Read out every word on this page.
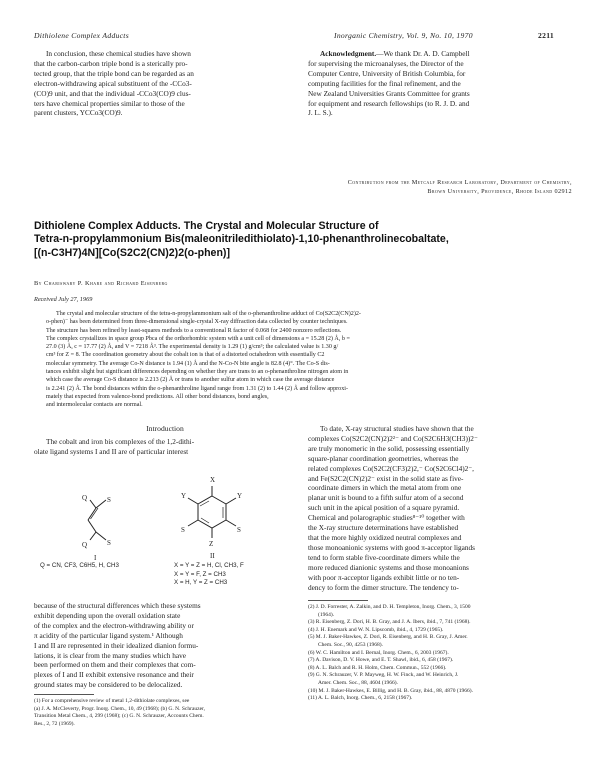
Dithiolene Complex Adducts	Inorganic Chemistry, Vol. 9, No. 10, 1970	2211

In conclusion, these chemical studies have shown

that the carbon-carbon triple bond is a sterically pro-

tected group, that the triple bond can be regarded as an

electron-withdrawing apical substituent of the -CCo3-

(CO)9 unit, and that the individual -CCo3(CO)9 clus-

ters have chemical properties similar to those of the

parent clusters, YCCo3(CO)9.

Acknowledgment.—We thank Dr. A. D. Campbell

for supervising the microanalyses, the Director of the

Computer Centre, University of British Columbia, for

computing facilities for the final refinement, and the

New Zealand Universities Grants Committee for grants

for equipment and research fellowships (to R. J. D. and

J. L. S.).

Contribution from the Metcalf Research Laboratory, Department of Chemistry,
Brown University, Providence, Rhode Island 02912

Dithiolene Complex Adducts. The Crystal and Molecular Structure of

Tetra-n-propylammonium Bis(maleonitriledithiolato)-1,10-phenanthrolinecobaltate,

[(n-C3H7)4N][Co(S2C2(CN)2)2(o-phen)]

By Chariswary P. Khare and Richard Eisenberg
Received July 27, 1969

The crystal and molecular structure of the tetra-n-propylammonium salt of the o-phenanthroline adduct of Co(S2C2(CN)2)2-

o-phen)⁻ has been determined from three-dimensional single-crystal X-ray diffraction data collected by counter techniques.

The structure has been refined by least-squares methods to a conventional R factor of 0.068 for 2400 nonzero reflections.

The complex crystallizes in space group Pbca of the orthorhombic system with a unit cell of dimensions a = 15.28 (2) Å, b =

27.0 (3) Å, c = 17.77 (2) Å, and V = 7218 Å³. The experimental density is 1.29 (1) g/cm³; the calculated value is 1.30 g/

cm³ for Z = 8. The coordination geometry about the cobalt ion is that of a distorted octahedron with essentially C2

molecular symmetry. The average Co-N distance is 1.94 (1) Å and the N-Co-N bite angle is 82.8 (4)°. The Co-S dis-

tances exhibit slight but significant differences depending on whether they are trans to an o-phenanthroline nitrogen atom in

which case the average Co-S distance is 2.213 (2) Å or trans to another sulfur atom in which case the average distance

is 2.241 (2) Å. The bond distances within the o-phenanthroline ligand range from 1.31 (2) to 1.44 (2) Å and follow approxi-

mately that expected from valence-bond predictions. All other bond distances, bond angles,

and intermolecular contacts are normal.

Introduction

The cobalt and iron bis complexes of the 1,2-dithi-

olate ligand systems I and II are of particular interest

S
S
Q
Q
I
X
Y	Y
Z
S
S
II
Q = CN, CF3, C6H5, H, CH3	X = Y = Z = H, Cl, CH3, F
X = Y = F, Z = CH3
X = H, Y = Z = CH3

because of the structural differences which these systems

exhibit depending upon the overall oxidation state

of the complex and the electron-withdrawing ability or

π acidity of the particular ligand system.¹ Although

I and II are represented in their idealized dianion formu-

lations, it is clear from the many studies which have

been performed on them and their complexes that com-

plexes of I and II exhibit extensive resonance and their

ground states may be considered to be delocalized.

(1) For a comprehensive review of metal 1,2-dithiolate complexes, see

(a) J. A. McCleverty, Progr. Inorg. Chem., 10, 49 (1968); (b) G. N. Schrauzer,

Transition Metal Chem., 4, 299 (1968); (c) G. N. Schrauzer, Accounts Chem.

Res., 2, 72 (1969).

To date, X-ray structural studies have shown that the

complexes Co(S2C2(CN)2)2²⁻ and Co(S2C6H3(CH3))2⁻

are truly monomeric in the solid, possessing essentially

square-planar coordination geometries, whereas the

related complexes Co(S2C2(CF3)2)2,⁻ Co(S2C6Cl4)2⁻,

and Fe(S2C2(CN)2)2⁻ exist in the solid state as five-

coordinate dimers in which the metal atom from one

planar unit is bound to a fifth sulfur atom of a second

such unit in the apical position of a square pyramid.

Chemical and polarographic studies⁸⁻¹⁰ together with

the X-ray structure determinations have established

that the more highly oxidized neutral complexes and

those monoanionic systems with good π-acceptor ligands

tend to form stable five-coordinate dimers while the

more reduced dianionic systems and those monoanions

with poor π-acceptor ligands exhibit little or no ten-

dency to form the dimer structure. The tendency to-

(2) J. D. Forrester, A. Zalkin, and D. H. Templeton, Inorg. Chem., 3, 1500

(1964).

(3) R. Eisenberg, Z. Dori, H. B. Gray, and J. A. Ibers, ibid., 7, 741 (1968).

(4) J. H. Enemark and W. N. Lipscomb, ibid., 4, 1729 (1965).

(5) M. J. Baker-Hawkes, Z. Dori, R. Eisenberg, and H. B. Gray, J. Amer.

Chem. Soc., 90, 4253 (1968).

(6) W. C. Hamilton and I. Bernal, Inorg. Chem., 6, 2003 (1967).

(7) A. Davison, D. V. Howe, and E. T. Shawl, ibid., 6, 458 (1967).

(8) A. L. Balch and R. H. Holm, Chem. Commun., 552 (1966).

(9) G. N. Schrauzer, V. P. Mayweg, H. W. Finck, and W. Heinrich, J.

Amer. Chem. Soc., 88, 4604 (1966).

(10) M. J. Baker-Hawkes, E. Billig, and H. B. Gray, ibid., 88, 4870 (1966).

(11) A. L. Balch, Inorg. Chem., 6, 2158 (1967).
